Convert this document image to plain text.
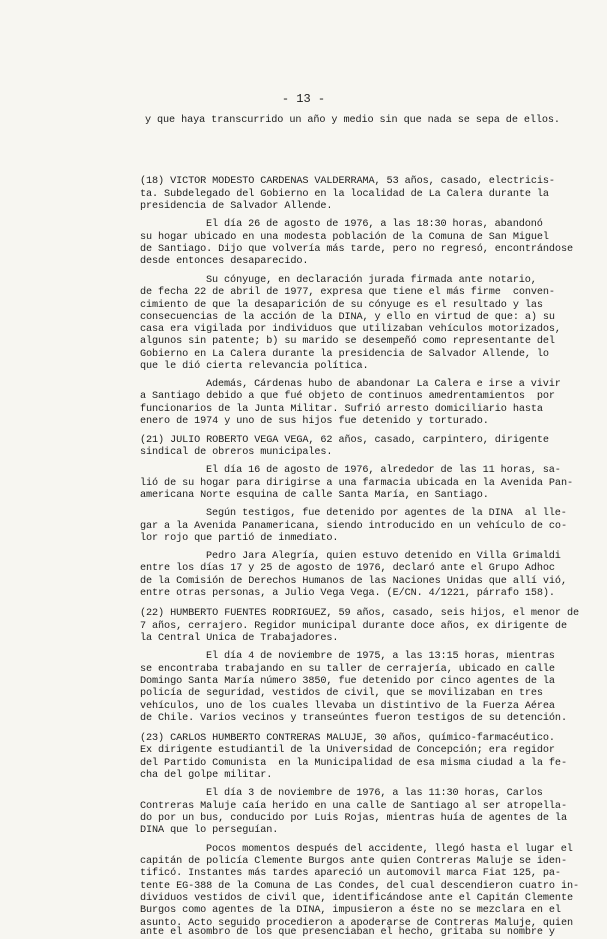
- 13 -
y que haya transcurrido un año y medio sin que nada se sepa de ellos.
(18) VICTOR MODESTO CARDENAS VALDERRAMA, 53 años, casado, electricis-
ta. Subdelegado del Gobierno en la localidad de La Calera durante la
presidencia de Salvador Allende.
El día 26 de agosto de 1976, a las 18:30 horas, abandonó
su hogar ubicado en una modesta población de la Comuna de San Miguel
de Santiago. Dijo que volvería más tarde, pero no regresó, encontrándose
desde entonces desaparecido.
Su cónyuge, en declaración jurada firmada ante notario,
de fecha 22 de abril de 1977, expresa que tiene el más firme  conven-
cimiento de que la desaparición de su cónyuge es el resultado y las
consecuencias de la acción de la DINA, y ello en virtud de que: a) su
casa era vigilada por individuos que utilizaban vehículos motorizados,
algunos sin patente; b) su marido se desempeñó como representante del
Gobierno en La Calera durante la presidencia de Salvador Allende, lo
que le dió cierta relevancia política.
Además, Cárdenas hubo de abandonar La Calera e irse a vivir
a Santiago debido a que fué objeto de continuos amedrentamientos  por
funcionarios de la Junta Militar. Sufrió arresto domiciliario hasta
enero de 1974 y uno de sus hijos fue detenido y torturado.
(21) JULIO ROBERTO VEGA VEGA, 62 años, casado, carpintero, dirigente
sindical de obreros municipales.
El día 16 de agosto de 1976, alrededor de las 11 horas, sa-
lió de su hogar para dirigirse a una farmacia ubicada en la Avenida Pan-
americana Norte esquina de calle Santa María, en Santiago.
Según testigos, fue detenido por agentes de la DINA  al lle-
gar a la Avenida Panamericana, siendo introducido en un vehículo de co-
lor rojo que partió de inmediato.
Pedro Jara Alegría, quien estuvo detenido en Villa Grimaldi
entre los días 17 y 25 de agosto de 1976, declaró ante el Grupo Adhoc
de la Comisión de Derechos Humanos de las Naciones Unidas que allí vió,
entre otras personas, a Julio Vega Vega. (E/CN. 4/1221, párrafo 158).
(22) HUMBERTO FUENTES RODRIGUEZ, 59 años, casado, seis hijos, el menor de
7 años, cerrajero. Regidor municipal durante doce años, ex dirigente de
la Central Unica de Trabajadores.
El día 4 de noviembre de 1975, a las 13:15 horas, mientras
se encontraba trabajando en su taller de cerrajería, ubicado en calle
Domingo Santa María número 3850, fue detenido por cinco agentes de la
policía de seguridad, vestidos de civil, que se movilizaban en tres
vehículos, uno de los cuales llevaba un distintivo de la Fuerza Aérea
de Chile. Varios vecinos y transeúntes fueron testigos de su detención.
(23) CARLOS HUMBERTO CONTRERAS MALUJE, 30 años, químico-farmacéutico.
Ex dirigente estudiantil de la Universidad de Concepción; era regidor
del Partido Comunista  en la Municipalidad de esa misma ciudad a la fe-
cha del golpe militar.
El día 3 de noviembre de 1976, a las 11:30 horas, Carlos
Contreras Maluje caía herido en una calle de Santiago al ser atropella-
do por un bus, conducido por Luis Rojas, mientras huía de agentes de la
DINA que lo perseguían.
Pocos momentos después del accidente, llegó hasta el lugar el
capitán de policía Clemente Burgos ante quien Contreras Maluje se iden-
tificó. Instantes más tardes apareció un automovil marca Fiat 125, pa-
tente EG-388 de la Comuna de Las Condes, del cual descendieron cuatro in-
dividuos vestidos de civil que, identificándose ante el Capitán Clemente
Burgos como agentes de la DINA, impusieron a éste no se mezclara en el
asunto. Acto seguido procedieron a apoderarse de Contreras Maluje, quien
ante el asombro de los que presenciaban el hecho, gritaba su nombre y
